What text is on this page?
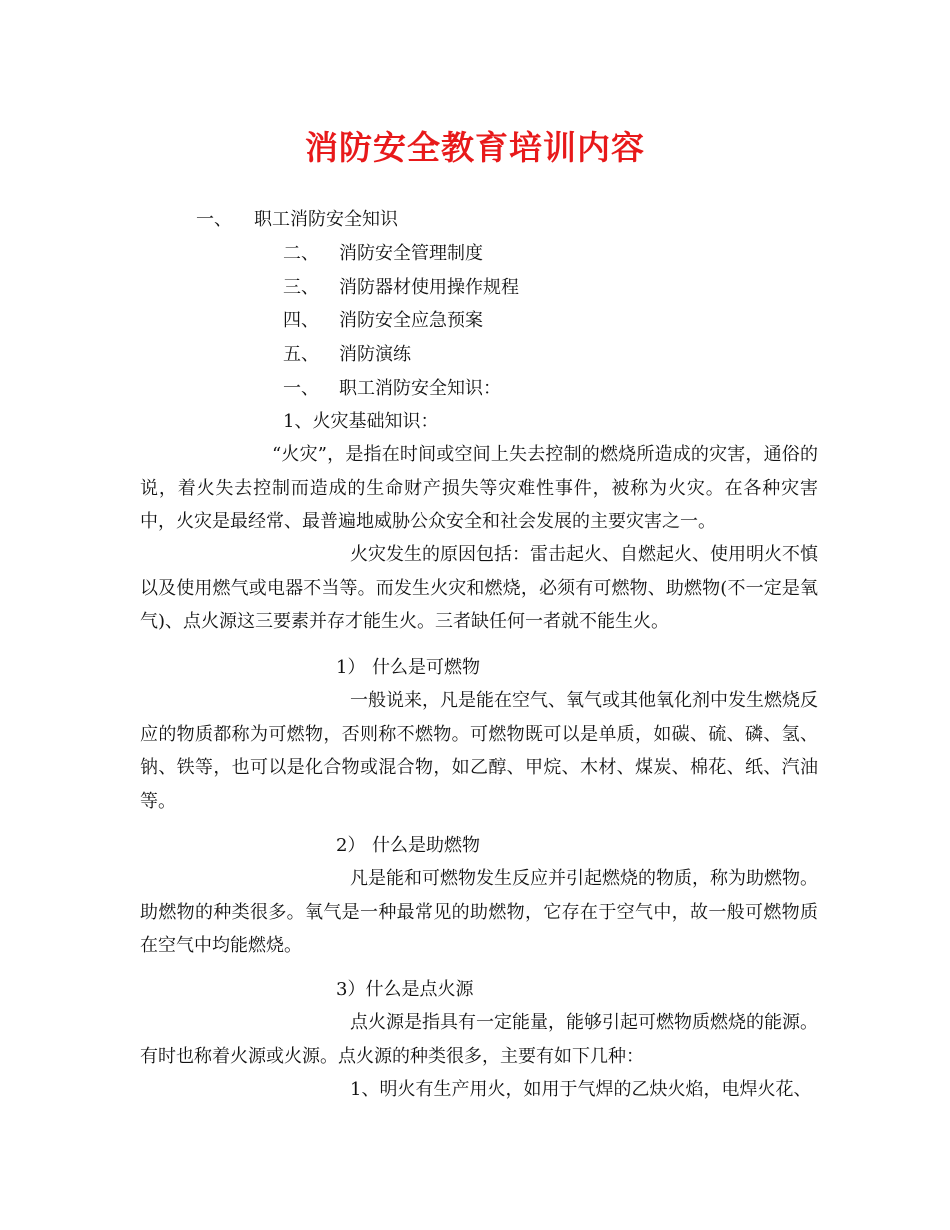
消防安全教育培训内容
一、 职工消防安全知识
二、 消防安全管理制度
三、 消防器材使用操作规程
四、 消防安全应急预案
五、 消防演练
一、 职工消防安全知识：
1、火灾基础知识：
“火灾”，是指在时间或空间上失去控制的燃烧所造成的灾害，通俗的说，着火失去控制而造成的生命财产损失等灾难性事件，被称为火灾。在各种灾害中，火灾是最经常、最普遍地威胁公众安全和社会发展的主要灾害之一。
火灾发生的原因包括：雷击起火、自燃起火、使用明火不慎以及使用燃气或电器不当等。而发生火灾和燃烧，必须有可燃物、助燃物(不一定是氧气)、点火源这三要素并存才能生火。三者缺任何一者就不能生火。
1） 什么是可燃物
一般说来，凡是能在空气、氧气或其他氧化剂中发生燃烧反应的物质都称为可燃物，否则称不燃物。可燃物既可以是单质，如碳、硫、磷、氢、钠、铁等，也可以是化合物或混合物，如乙醇、甲烷、木材、煤炭、棉花、纸、汽油等。
2） 什么是助燃物
凡是能和可燃物发生反应并引起燃烧的物质，称为助燃物。助燃物的种类很多。氧气是一种最常见的助燃物，它存在于空气中，故一般可燃物质在空气中均能燃烧。
3）什么是点火源
点火源是指具有一定能量，能够引起可燃物质燃烧的能源。有时也称着火源或火源。点火源的种类很多，主要有如下几种：
1、明火有生产用火，如用于气焊的乙炔火焰，电焊火花、
